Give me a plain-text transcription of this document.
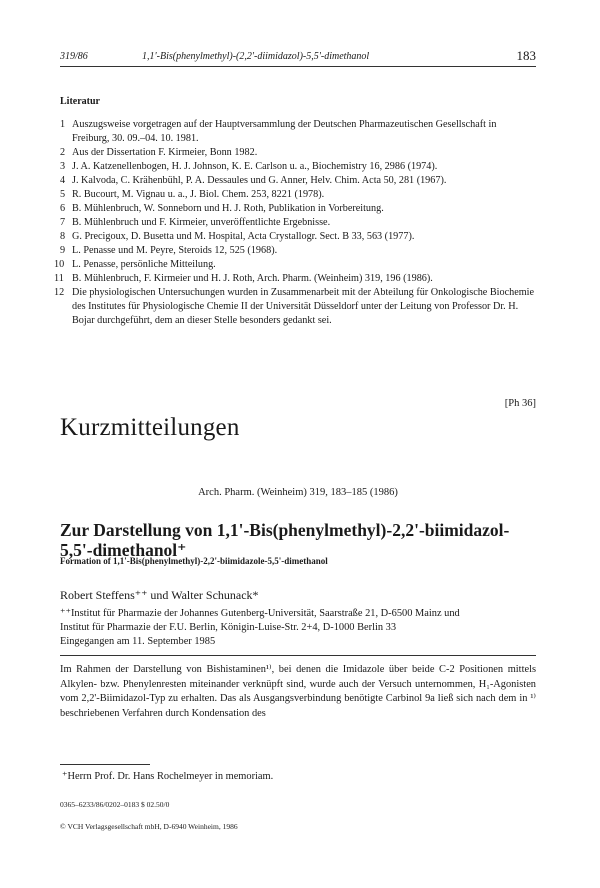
319/86	1,1'-Bis(phenylmethyl)-(2,2'-diimidazol)-5,5'-dimethanol	183
Literatur
1 Auszugsweise vorgetragen auf der Hauptversammlung der Deutschen Pharmazeutischen Gesellschaft in Freiburg, 30. 09.–04. 10. 1981.
2 Aus der Dissertation F. Kirmeier, Bonn 1982.
3 J. A. Katzenellenbogen, H. J. Johnson, K. E. Carlson u. a., Biochemistry 16, 2986 (1974).
4 J. Kalvoda, C. Krähenbühl, P. A. Dessaules und G. Anner, Helv. Chim. Acta 50, 281 (1967).
5 R. Bucourt, M. Vignau u. a., J. Biol. Chem. 253, 8221 (1978).
6 B. Mühlenbruch, W. Sonneborn und H. J. Roth, Publikation in Vorbereitung.
7 B. Mühlenbruch und F. Kirmeier, unveröffentlichte Ergebnisse.
8 G. Precigoux, D. Busetta und M. Hospital, Acta Crystallogr. Sect. B 33, 563 (1977).
9 L. Penasse und M. Peyre, Steroids 12, 525 (1968).
10 L. Penasse, persönliche Mitteilung.
11 B. Mühlenbruch, F. Kirmeier und H. J. Roth, Arch. Pharm. (Weinheim) 319, 196 (1986).
12 Die physiologischen Untersuchungen wurden in Zusammenarbeit mit der Abteilung für Onkologische Biochemie des Institutes für Physiologische Chemie II der Universität Düsseldorf unter der Leitung von Professor Dr. H. Bojar durchgeführt, dem an dieser Stelle besonders gedankt sei.
[Ph 36]
Kurzmitteilungen
Arch. Pharm. (Weinheim) 319, 183–185 (1986)
Zur Darstellung von 1,1'-Bis(phenylmethyl)-2,2'-biimidazol-5,5'-dimethanol⁺
Formation of 1,1'-Bis(phenylmethyl)-2,2'-biimidazole-5,5'-dimethanol
Robert Steffens⁺⁺ und Walter Schunack*
⁺⁺Institut für Pharmazie der Johannes Gutenberg-Universität, Saarstraße 21, D-6500 Mainz und
Institut für Pharmazie der F.U. Berlin, Königin-Luise-Str. 2+4, D-1000 Berlin 33
Eingegangen am 11. September 1985

Im Rahmen der Darstellung von Bishistaminen¹⁾, bei denen die Imidazole über beide C-2 Positionen mittels Alkylen- bzw. Phenylenresten miteinander verknüpft sind, wurde auch der Versuch unternommen, H₁-Agonisten vom 2,2'-Biimidazol-Typ zu erhalten. Das als Ausgangsverbindung benötigte Carbinol 9a ließ sich nach dem in ¹⁾ beschriebenen Verfahren durch Kondensation des

⁺Herrn Prof. Dr. Hans Rochelmeyer in memoriam.
0365–6233/86/0202–0183 $ 02.50/0
© VCH Verlagsgesellschaft mbH, D-6940 Weinheim, 1986
